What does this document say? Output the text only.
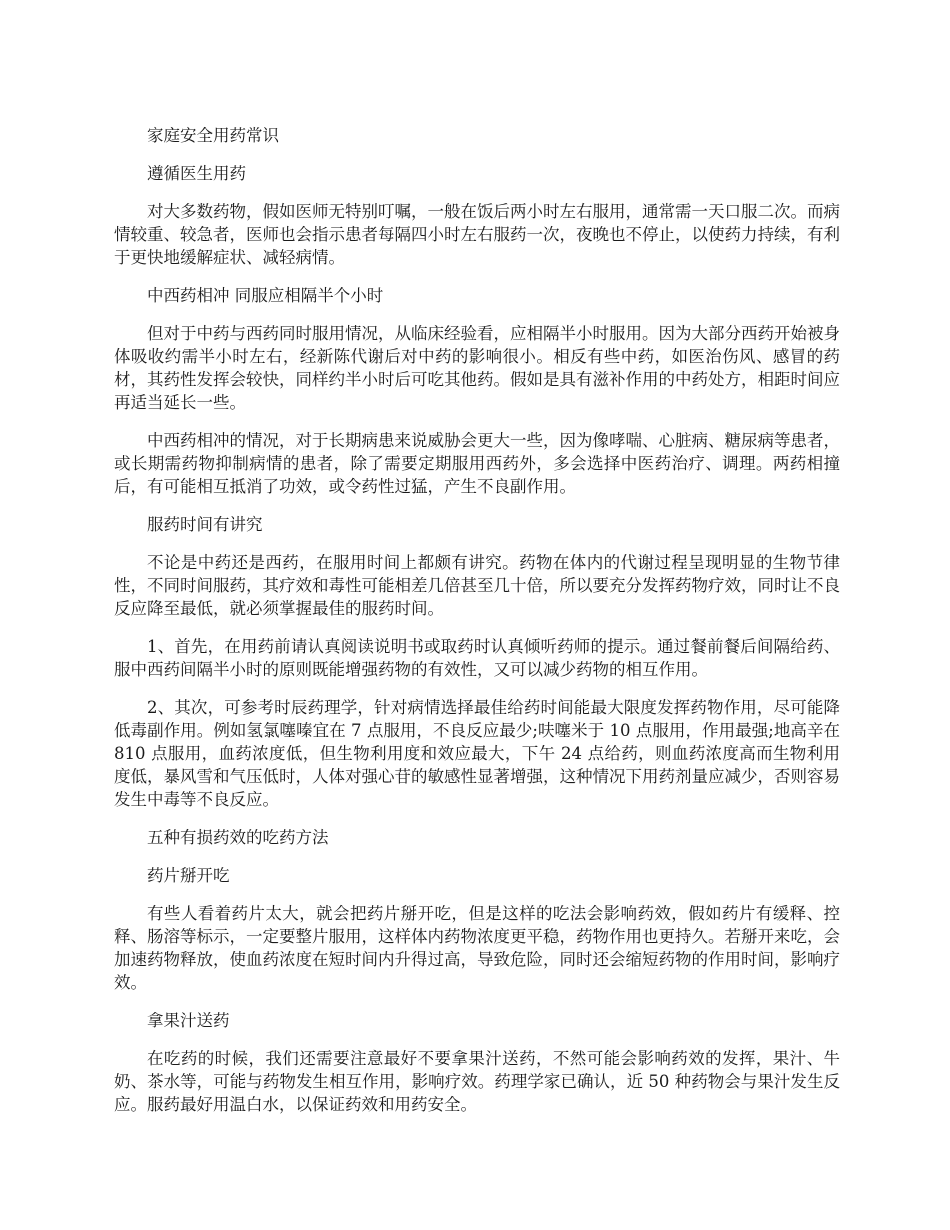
家庭安全用药常识

遵循医生用药

对大多数药物，假如医师无特别叮嘱，一般在饭后两小时左右服用，通常需一天口服二次。而病情较重、较急者，医师也会指示患者每隔四小时左右服药一次，夜晚也不停止，以使药力持续，有利于更快地缓解症状、减轻病情。

中西药相冲 同服应相隔半个小时

但对于中药与西药同时服用情况，从临床经验看，应相隔半小时服用。因为大部分西药开始被身体吸收约需半小时左右，经新陈代谢后对中药的影响很小。相反有些中药，如医治伤风、感冒的药材，其药性发挥会较快，同样约半小时后可吃其他药。假如是具有滋补作用的中药处方，相距时间应再适当延长一些。

中西药相冲的情况，对于长期病患来说威胁会更大一些，因为像哮喘、心脏病、糖尿病等患者，或长期需药物抑制病情的患者，除了需要定期服用西药外，多会选择中医药治疗、调理。两药相撞后，有可能相互抵消了功效，或令药性过猛，产生不良副作用。

服药时间有讲究

不论是中药还是西药，在服用时间上都颇有讲究。药物在体内的代谢过程呈现明显的生物节律性，不同时间服药，其疗效和毒性可能相差几倍甚至几十倍，所以要充分发挥药物疗效，同时让不良反应降至最低，就必须掌握最佳的服药时间。

1、首先，在用药前请认真阅读说明书或取药时认真倾听药师的提示。通过餐前餐后间隔给药、服中西药间隔半小时的原则既能增强药物的有效性，又可以减少药物的相互作用。

2、其次，可参考时辰药理学，针对病情选择最佳给药时间能最大限度发挥药物作用，尽可能降低毒副作用。例如氢氯噻嗪宜在 7 点服用，不良反应最少;呋噻米于 10 点服用，作用最强;地高辛在 810 点服用，血药浓度低，但生物利用度和效应最大，下午 24 点给药，则血药浓度高而生物利用度低，暴风雪和气压低时，人体对强心苷的敏感性显著增强，这种情况下用药剂量应减少，否则容易发生中毒等不良反应。

五种有损药效的吃药方法

药片掰开吃

有些人看着药片太大，就会把药片掰开吃，但是这样的吃法会影响药效，假如药片有缓释、控释、肠溶等标示，一定要整片服用，这样体内药物浓度更平稳，药物作用也更持久。若掰开来吃，会加速药物释放，使血药浓度在短时间内升得过高，导致危险，同时还会缩短药物的作用时间，影响疗效。

拿果汁送药

在吃药的时候，我们还需要注意最好不要拿果汁送药，不然可能会影响药效的发挥，果汁、牛奶、茶水等，可能与药物发生相互作用，影响疗效。药理学家已确认，近 50 种药物会与果汁发生反应。服药最好用温白水，以保证药效和用药安全。
